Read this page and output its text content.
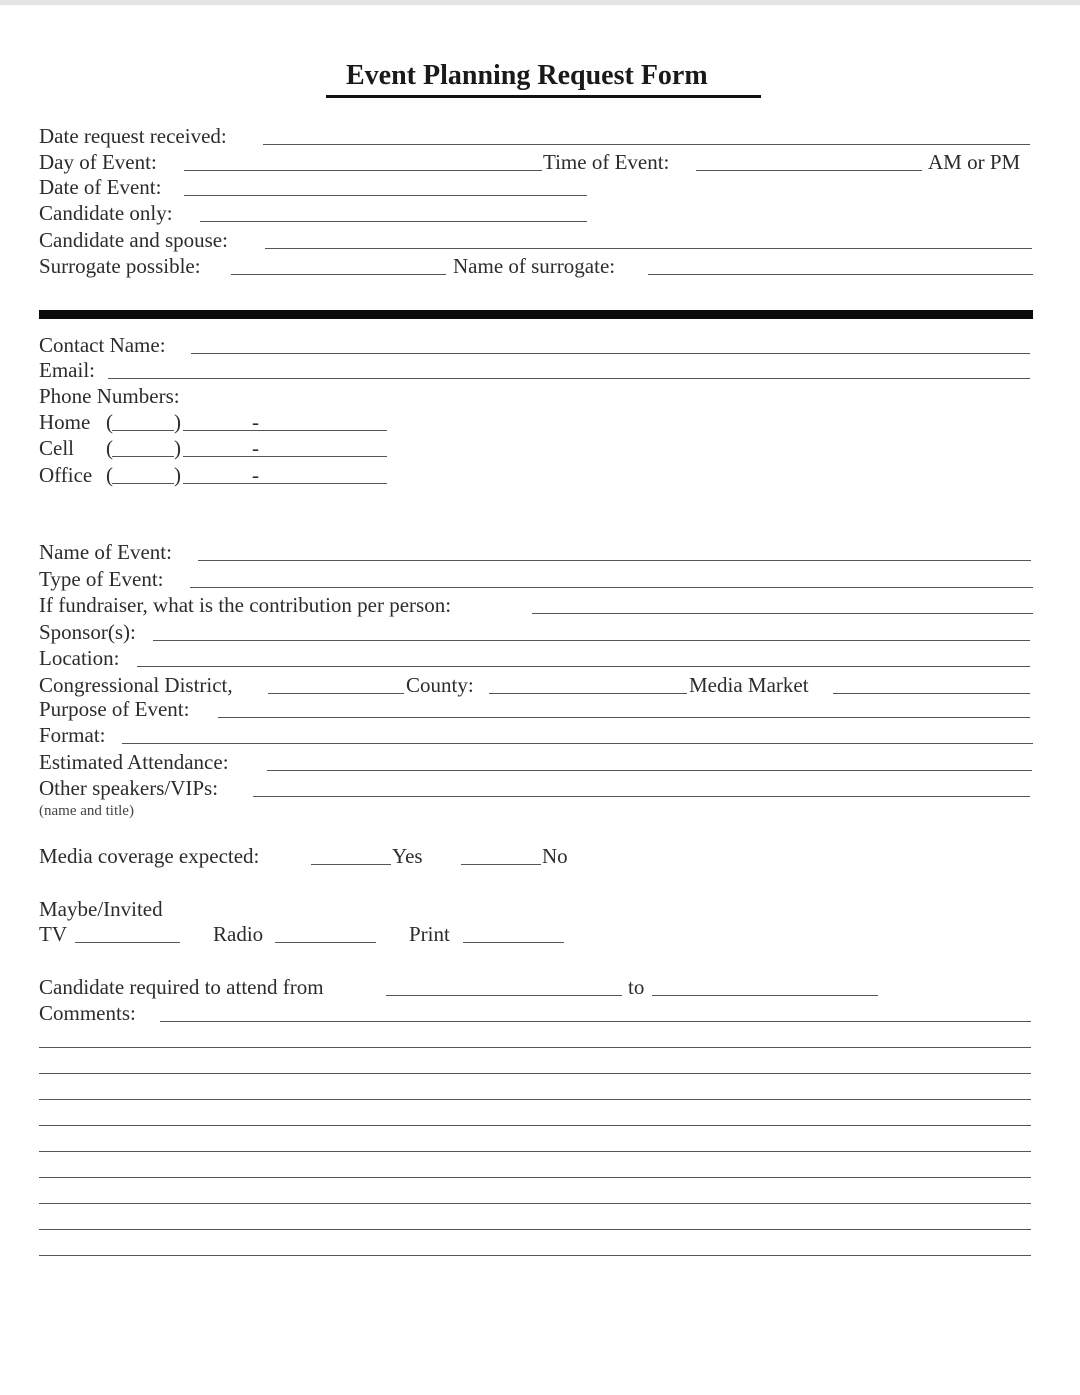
Event Planning Request Form
Date request received:
Day of Event:	Time of Event:	AM or PM
Date of Event:
Candidate only:
Candidate and spouse:
Surrogate possible:	Name of surrogate:
Contact Name:
Email:
Phone Numbers:
Home (	)	-
Cell (	)	-
Office (	)	-
Name of Event:
Type of Event:
If fundraiser, what is the contribution per person:
Sponsor(s):
Location:
Congressional District,	County:	Media Market
Purpose of Event:
Format:
Estimated Attendance:
Other speakers/VIPs:
(name and title)
Media coverage expected:	Yes	No
Maybe/Invited
TV	Radio	Print
Candidate required to attend from	to
Comments:
